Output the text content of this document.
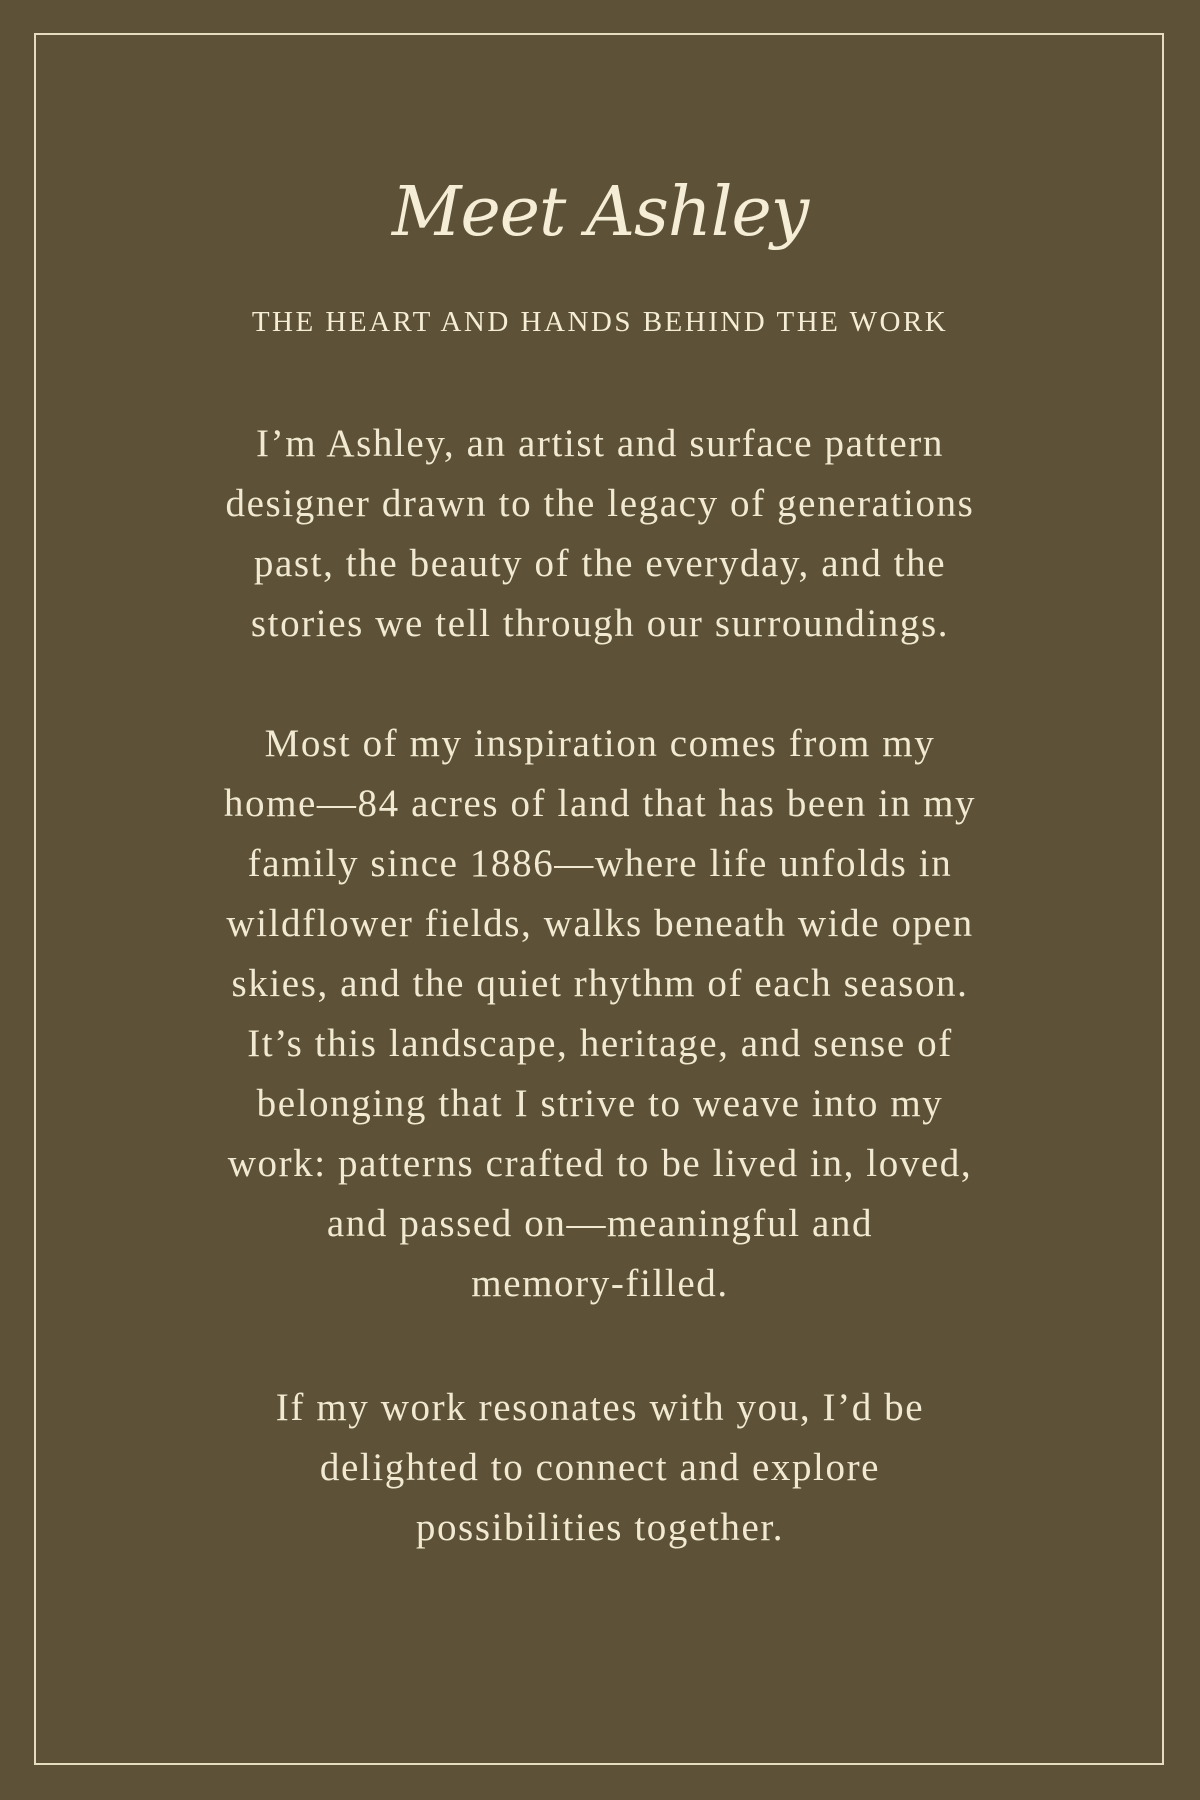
Meet Ashley
THE HEART AND HANDS BEHIND THE WORK
I’m Ashley, an artist and surface pattern
designer drawn to the legacy of generations
past, the beauty of the everyday, and the
stories we tell through our surroundings.
Most of my inspiration comes from my
home—84 acres of land that has been in my
family since 1886—where life unfolds in
wildflower fields, walks beneath wide open
skies, and the quiet rhythm of each season.
It’s this landscape, heritage, and sense of
belonging that I strive to weave into my
work: patterns crafted to be lived in, loved,
and passed on—meaningful and
memory-filled.
If my work resonates with you, I’d be
delighted to connect and explore
possibilities together.
